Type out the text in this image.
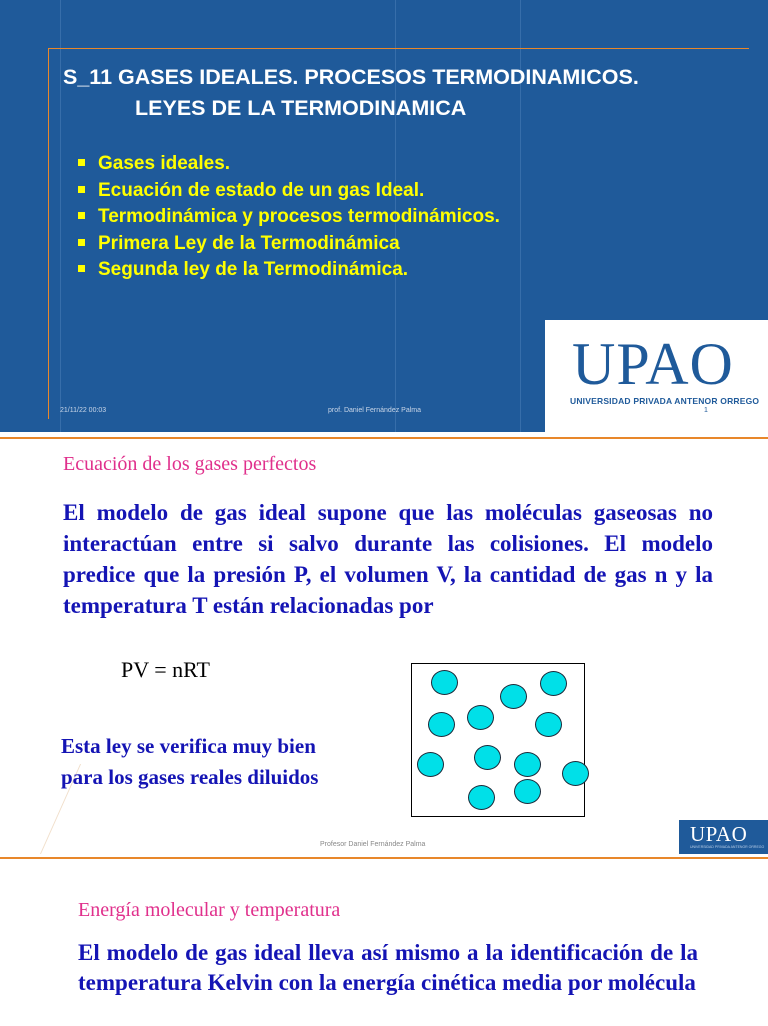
S_11 GASES IDEALES. PROCESOS TERMODINAMICOS.
LEYES DE LA TERMODINAMICA
Gases ideales.
Ecuación de estado de un gas Ideal.
Termodinámica y procesos termodinámicos.
Primera Ley de la Termodinámica
Segunda ley de la Termodinámica.
UPAO
UNIVERSIDAD PRIVADA ANTENOR ORREGO
21/11/22 00:03	prof. Daniel Fernández Palma	1
Ecuación de los gases perfectos
El modelo de gas ideal supone que las moléculas gaseosas no interactúan entre si salvo durante las colisiones. El modelo predice que la presión P, el volumen V, la cantidad de gas n y la temperatura T están relacionadas por
PV = nRT
Esta ley se verifica muy bien para los gases reales diluidos
Profesor Daniel Fernández Palma	UPAO
UNIVERSIDAD PRIVADA ANTENOR ORREGO
Energía molecular y temperatura
El modelo de gas ideal lleva así mismo a la identificación de la temperatura Kelvin con la energía cinética media por molécula
